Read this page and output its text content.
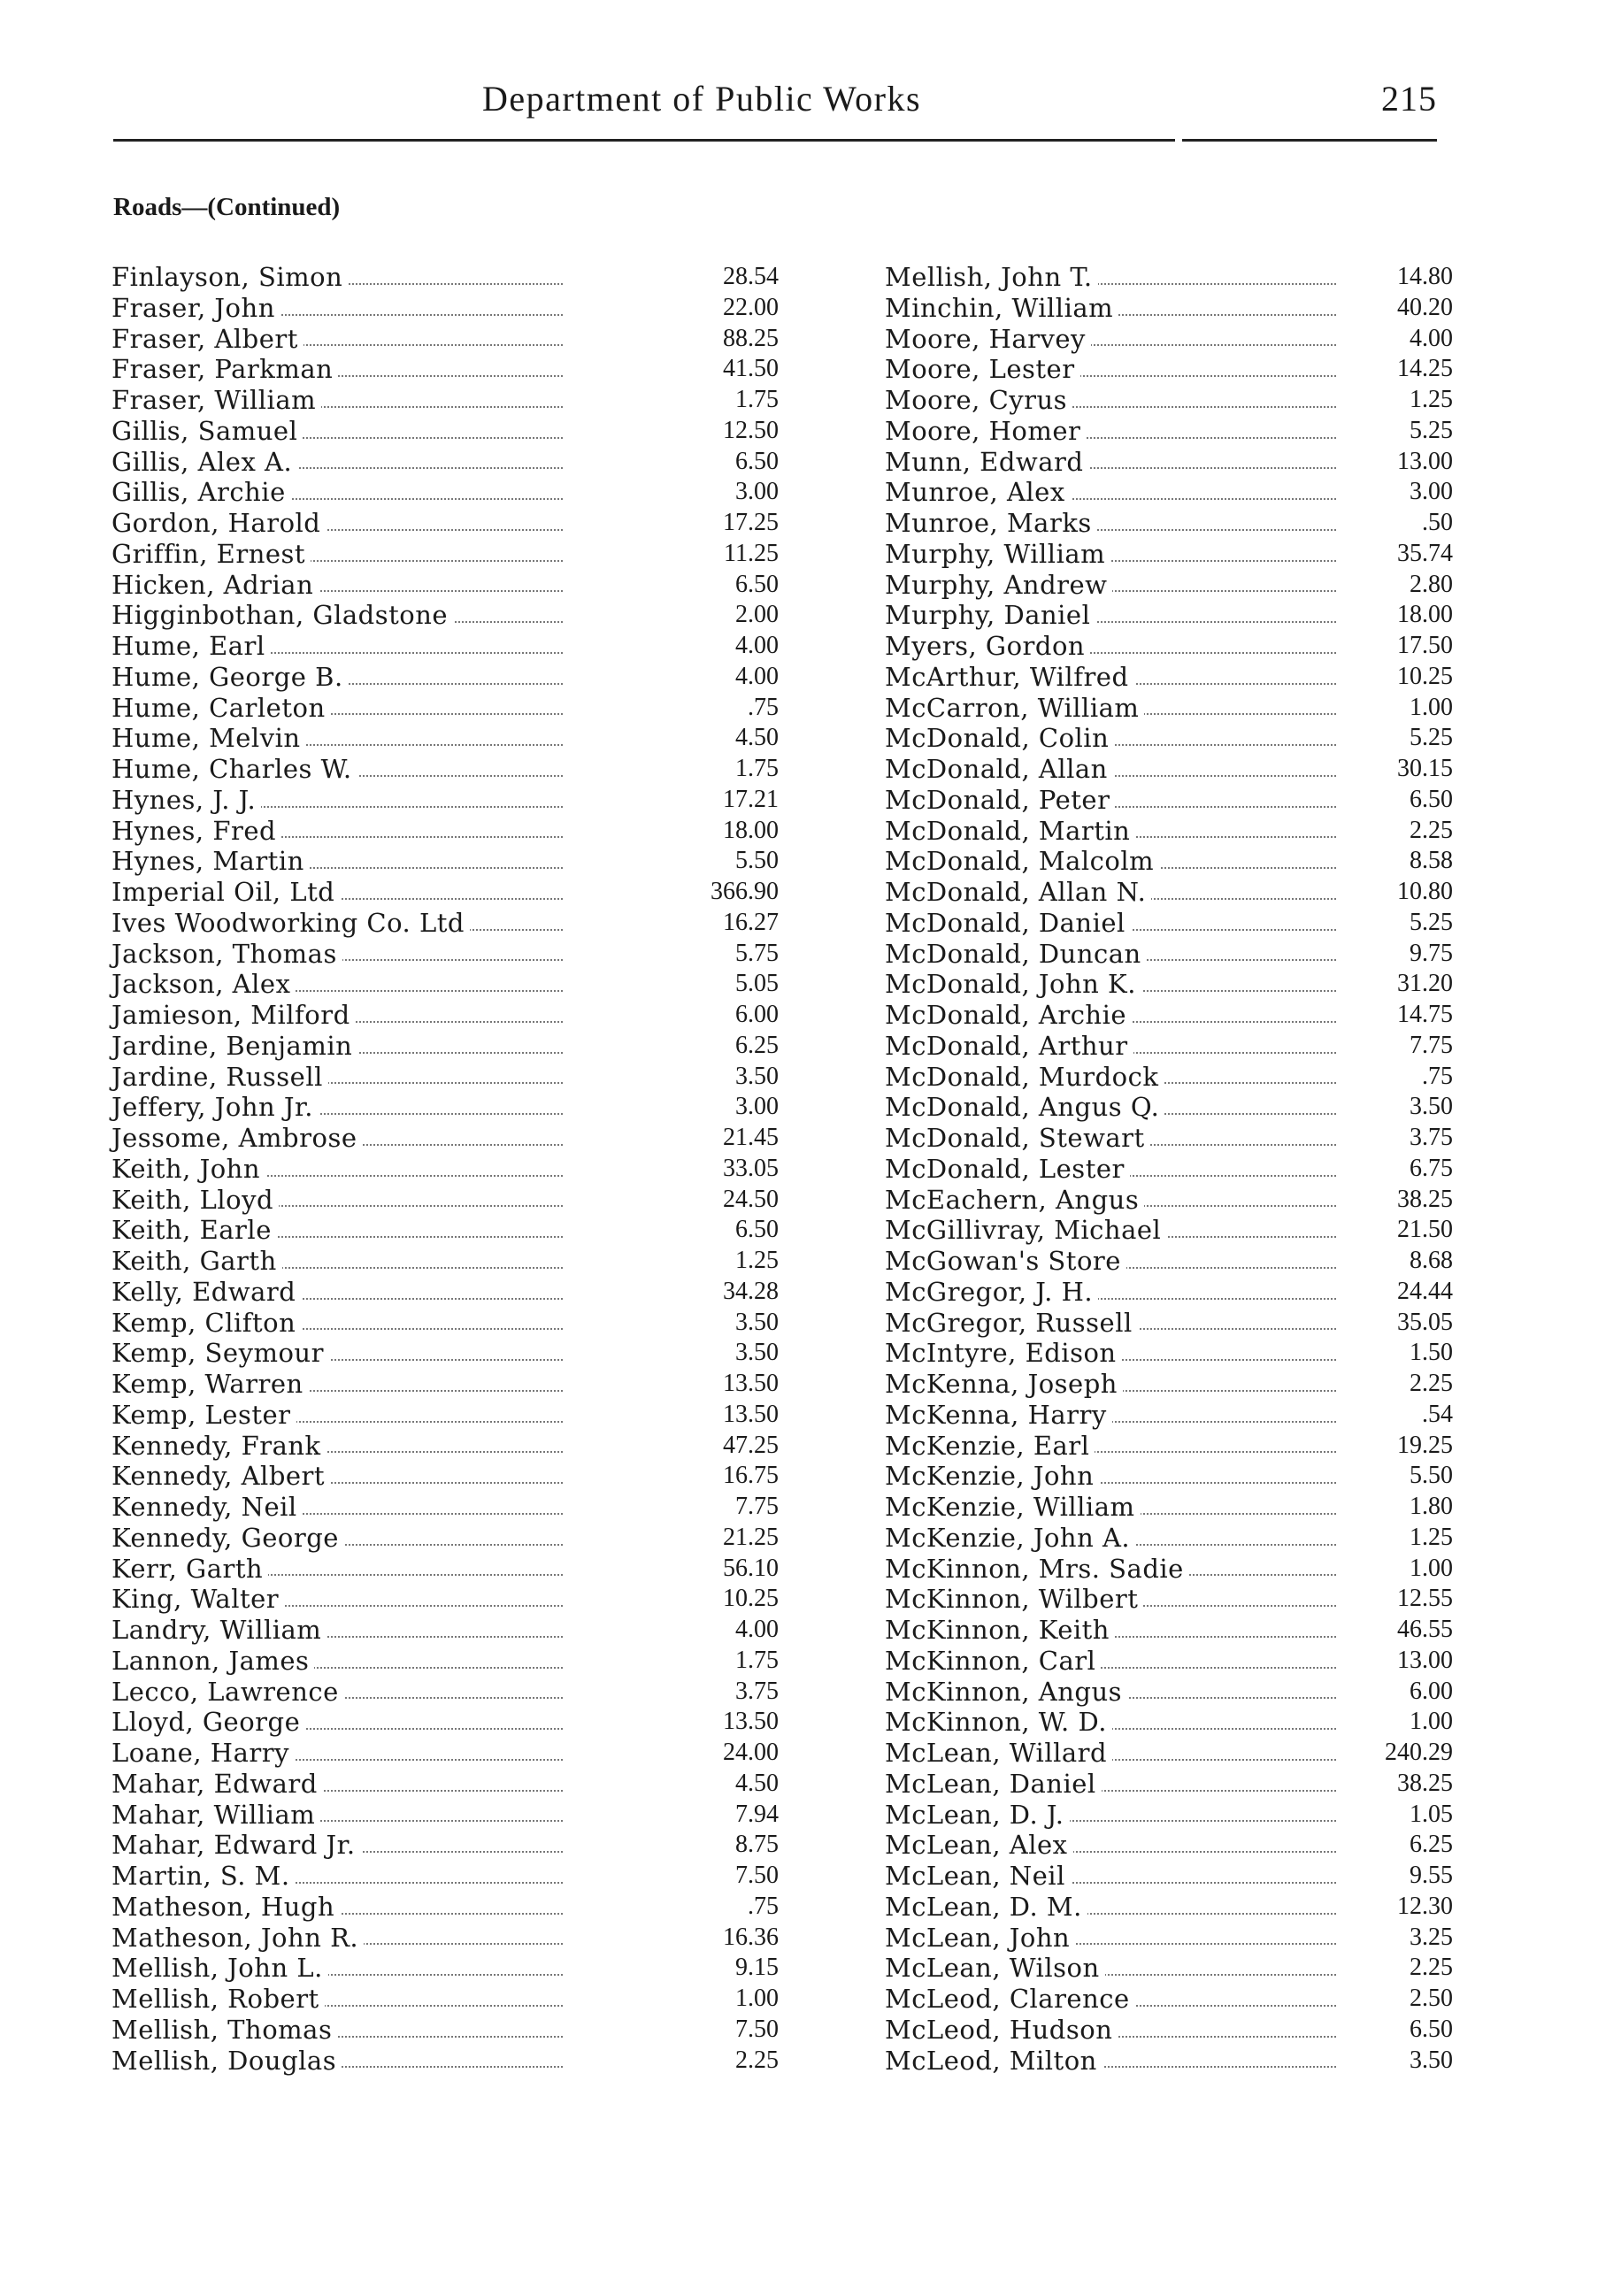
Department of Public Works	215
Roads—(Continued)
Finlayson, Simon	28.54
Fraser, John	22.00
Fraser, Albert	88.25
Fraser, Parkman	41.50
Fraser, William	1.75
Gillis, Samuel	12.50
Gillis, Alex A.	6.50
Gillis, Archie	3.00
Gordon, Harold	17.25
Griffin, Ernest	11.25
Hicken, Adrian	6.50
Higginbothan, Gladstone	2.00
Hume, Earl	4.00
Hume, George B.	4.00
Hume, Carleton	.75
Hume, Melvin	4.50
Hume, Charles W.	1.75
Hynes, J. J.	17.21
Hynes, Fred	18.00
Hynes, Martin	5.50
Imperial Oil, Ltd	366.90
Ives Woodworking Co. Ltd	16.27
Jackson, Thomas	5.75
Jackson, Alex	5.05
Jamieson, Milford	6.00
Jardine, Benjamin	6.25
Jardine, Russell	3.50
Jeffery, John Jr.	3.00
Jessome, Ambrose	21.45
Keith, John	33.05
Keith, Lloyd	24.50
Keith, Earle	6.50
Keith, Garth	1.25
Kelly, Edward	34.28
Kemp, Clifton	3.50
Kemp, Seymour	3.50
Kemp, Warren	13.50
Kemp, Lester	13.50
Kennedy, Frank	47.25
Kennedy, Albert	16.75
Kennedy, Neil	7.75
Kennedy, George	21.25
Kerr, Garth	56.10
King, Walter	10.25
Landry, William	4.00
Lannon, James	1.75
Lecco, Lawrence	3.75
Lloyd, George	13.50
Loane, Harry	24.00
Mahar, Edward	4.50
Mahar, William	7.94
Mahar, Edward Jr.	8.75
Martin, S. M.	7.50
Matheson, Hugh	.75
Matheson, John R.	16.36
Mellish, John L.	9.15
Mellish, Robert	1.00
Mellish, Thomas	7.50
Mellish, Douglas	2.25
Mellish, John T.	14.80
Minchin, William	40.20
Moore, Harvey	4.00
Moore, Lester	14.25
Moore, Cyrus	1.25
Moore, Homer	5.25
Munn, Edward	13.00
Munroe, Alex	3.00
Munroe, Marks	.50
Murphy, William	35.74
Murphy, Andrew	2.80
Murphy, Daniel	18.00
Myers, Gordon	17.50
McArthur, Wilfred	10.25
McCarron, William	1.00
McDonald, Colin	5.25
McDonald, Allan	30.15
McDonald, Peter	6.50
McDonald, Martin	2.25
McDonald, Malcolm	8.58
McDonald, Allan N.	10.80
McDonald, Daniel	5.25
McDonald, Duncan	9.75
McDonald, John K.	31.20
McDonald, Archie	14.75
McDonald, Arthur	7.75
McDonald, Murdock	.75
McDonald, Angus Q.	3.50
McDonald, Stewart	3.75
McDonald, Lester	6.75
McEachern, Angus	38.25
McGillivray, Michael	21.50
McGowan's Store	8.68
McGregor, J. H.	24.44
McGregor, Russell	35.05
McIntyre, Edison	1.50
McKenna, Joseph	2.25
McKenna, Harry	.54
McKenzie, Earl	19.25
McKenzie, John	5.50
McKenzie, William	1.80
McKenzie, John A.	1.25
McKinnon, Mrs. Sadie	1.00
McKinnon, Wilbert	12.55
McKinnon, Keith	46.55
McKinnon, Carl	13.00
McKinnon, Angus	6.00
McKinnon, W. D.	1.00
McLean, Willard	240.29
McLean, Daniel	38.25
McLean, D. J.	1.05
McLean, Alex	6.25
McLean, Neil	9.55
McLean, D. M.	12.30
McLean, John	3.25
McLean, Wilson	2.25
McLeod, Clarence	2.50
McLeod, Hudson	6.50
McLeod, Milton	3.50
